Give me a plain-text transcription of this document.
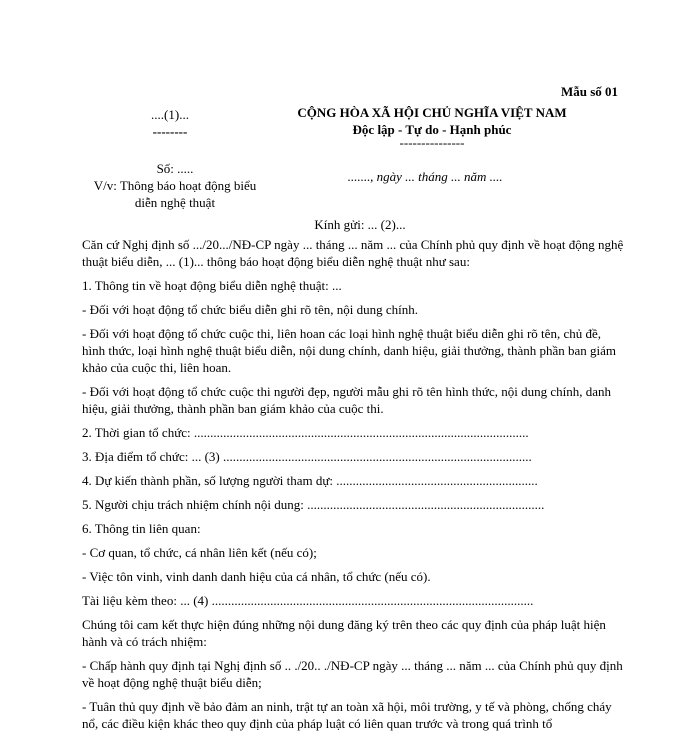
Mẫu số 01
....(1)...
--------
CỘNG HÒA XÃ HỘI CHỦ NGHĨA VIỆT NAM
Độc lập - Tự do - Hạnh phúc
---------------
Số: .....
V/v: Thông báo hoạt động biểu
diễn nghệ thuật
......., ngày ... tháng ... năm ....
Kính gửi: ... (2)...

Căn cứ Nghị định số .../20.../NĐ-CP ngày ... tháng ... năm ... của Chính phủ quy định về hoạt động nghệ thuật biểu diễn, ... (1)... thông báo hoạt động biểu diễn nghệ thuật như sau:

1. Thông tin về hoạt động biểu diễn nghệ thuật: ...

- Đối với hoạt động tổ chức biểu diễn ghi rõ tên, nội dung chính.

- Đối với hoạt động tổ chức cuộc thi, liên hoan các loại hình nghệ thuật biểu diễn ghi rõ tên, chủ đề, hình thức, loại hình nghệ thuật biểu diễn, nội dung chính, danh hiệu, giải thưởng, thành phần ban giám khảo của cuộc thi, liên hoan.

- Đối với hoạt động tổ chức cuộc thi người đẹp, người mẫu ghi rõ tên hình thức, nội dung chính, danh hiệu, giải thưởng, thành phần ban giám khảo của cuộc thi.

2. Thời gian tổ chức: .......................................................................................................

3. Địa điểm tổ chức: ... (3) ...............................................................................................

4. Dự kiến thành phần, số lượng người tham dự: ..............................................................

5. Người chịu trách nhiệm chính nội dung: .........................................................................

6. Thông tin liên quan:

- Cơ quan, tổ chức, cá nhân liên kết (nếu có);

- Việc tôn vinh, vinh danh danh hiệu của cá nhân, tổ chức (nếu có).

Tài liệu kèm theo: ... (4) ...................................................................................................

Chúng tôi cam kết thực hiện đúng những nội dung đăng ký trên theo các quy định của pháp luật hiện hành và có trách nhiệm:

- Chấp hành quy định tại Nghị định số .. ./20.. ./NĐ-CP ngày ... tháng ... năm ... của Chính phủ quy định về hoạt động nghệ thuật biểu diễn;

- Tuân thủ quy định về bảo đảm an ninh, trật tự an toàn xã hội, môi trường, y tế và phòng, chống cháy nổ, các điều kiện khác theo quy định của pháp luật có liên quan trước và trong quá trình tổ
